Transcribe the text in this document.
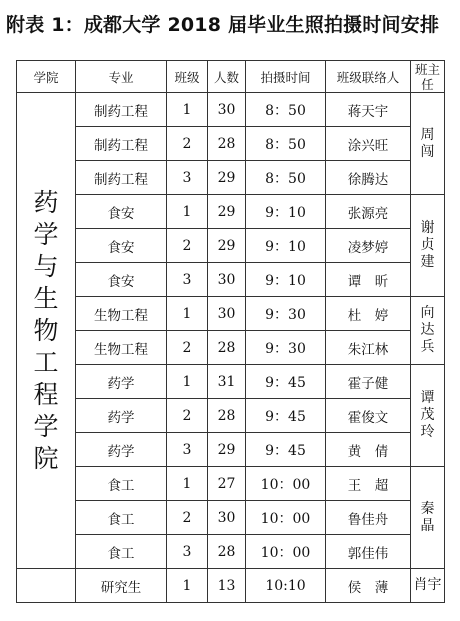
附表 1：成都大学 2018 届毕业生照拍摄时间安排
学院	专业	班级	人数	拍摄时间	班级联络人	班主任
药学与生物工程学院	制药工程	1	30	8：50	蒋天宇	周闯
	制药工程	2	28	8：50	涂兴旺	
	制药工程	3	29	8：50	徐腾达	
	食安	1	29	9：10	张源亮	谢贞建
	食安	2	29	9：10	凌梦婷	
	食安	3	30	9：10	谭　昕	
	生物工程	1	30	9：30	杜　婷	向达兵
	生物工程	2	28	9：30	朱江林	
	药学	1	31	9：45	霍子健	谭茂玲
	药学	2	28	9：45	霍俊文	
	药学	3	29	9：45	黄　倩	
	食工	1	27	10：00	王　超	秦晶
	食工	2	30	10：00	鲁佳舟	
	食工	3	28	10：00	郭佳伟	
	研究生	1	13	10:10	侯　薄	肖宇
